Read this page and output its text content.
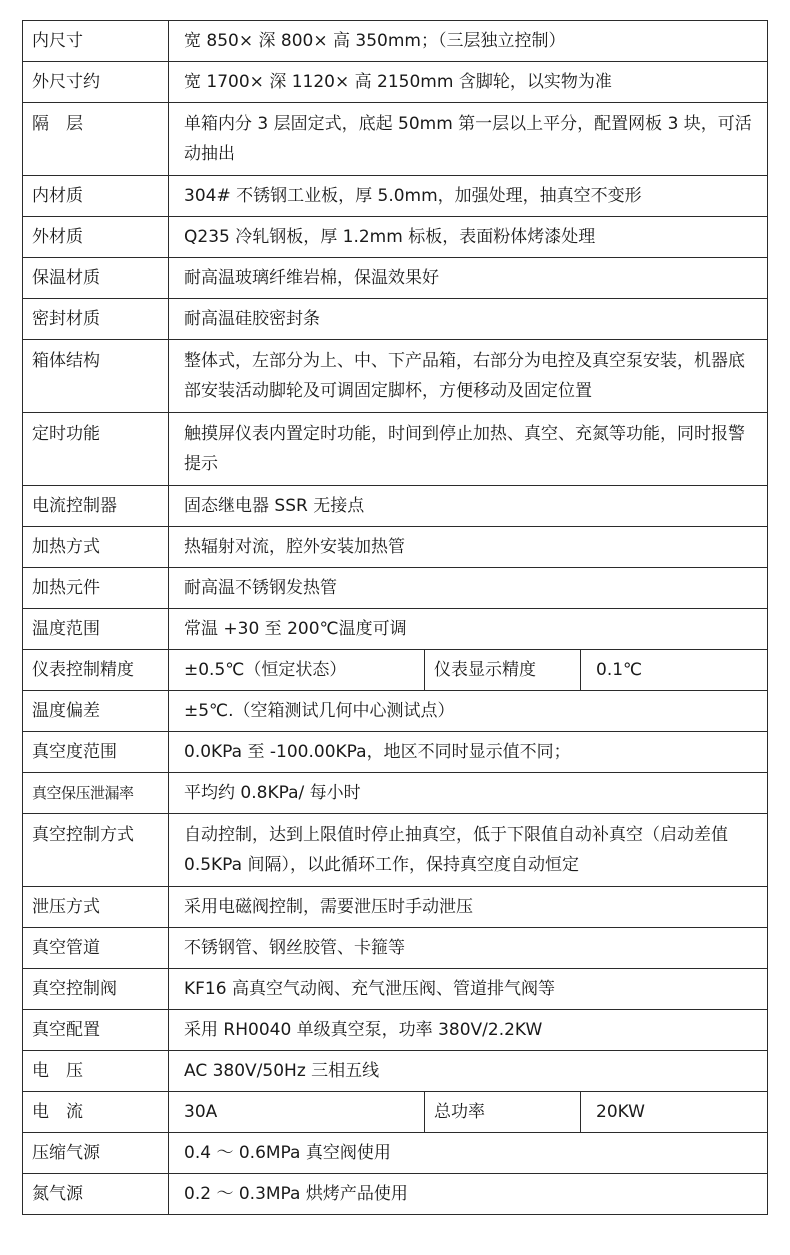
内尺寸	宽 850× 深 800× 高 350mm；（三层独立控制）		
外尺寸约	宽 1700× 深 1120× 高 2150mm 含脚轮，以实物为准		
隔　层	单箱内分 3 层固定式，底起 50mm 第一层以上平分，配置网板 3 块，可活动抽出		
内材质	304# 不锈钢工业板，厚 5.0mm，加强处理，抽真空不变形		
外材质	Q235 冷轧钢板，厚 1.2mm 标板，表面粉体烤漆处理		
保温材质	耐高温玻璃纤维岩棉，保温效果好		
密封材质	耐高温硅胶密封条		
箱体结构	整体式，左部分为上、中、下产品箱，右部分为电控及真空泵安装，机器底部安装活动脚轮及可调固定脚杯，方便移动及固定位置		
定时功能	触摸屏仪表内置定时功能，时间到停止加热、真空、充氮等功能，同时报警提示		
电流控制器	固态继电器 SSR 无接点		
加热方式	热辐射对流，腔外安装加热管		
加热元件	耐高温不锈钢发热管		
温度范围	常温 +30 至 200℃温度可调		
仪表控制精度	±0.5℃（恒定状态）	仪表显示精度	0.1℃
温度偏差	±5℃.（空箱测试几何中心测试点）		
真空度范围	0.0KPa 至 -100.00KPa，地区不同时显示值不同；		
真空保压泄漏率	平均约 0.8KPa/ 每小时		
真空控制方式	自动控制，达到上限值时停止抽真空，低于下限值自动补真空（启动差值 0.5KPa 间隔），以此循环工作，保持真空度自动恒定		
泄压方式	采用电磁阀控制，需要泄压时手动泄压		
真空管道	不锈钢管、钢丝胶管、卡箍等		
真空控制阀	KF16 高真空气动阀、充气泄压阀、管道排气阀等		
真空配置	采用 RH0040 单级真空泵，功率 380V/2.2KW		
电　压	AC 380V/50Hz 三相五线		
电　流	30A	总功率	20KW
压缩气源	0.4 ～ 0.6MPa 真空阀使用		
氮气源	0.2 ～ 0.3MPa 烘烤产品使用		
